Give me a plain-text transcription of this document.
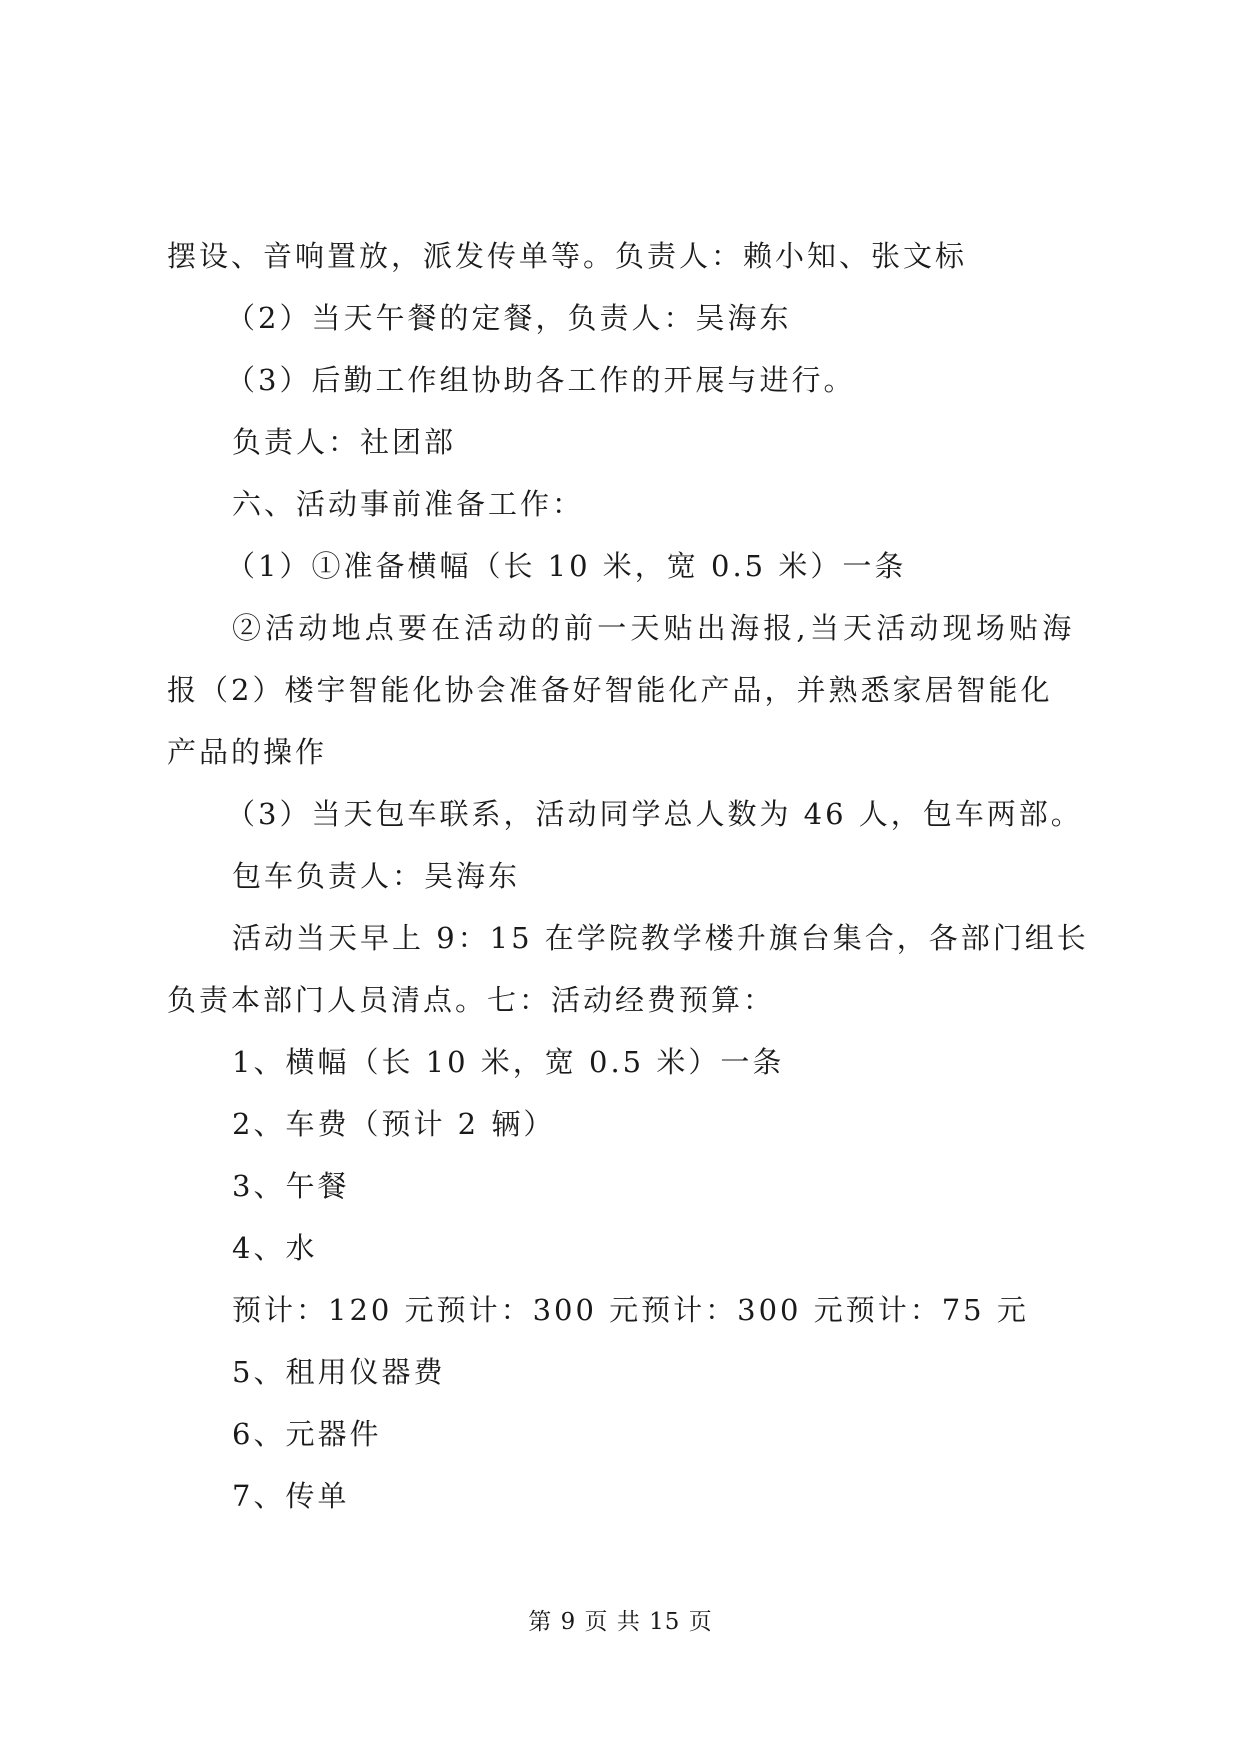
摆设、音响置放，派发传单等。负责人：赖小知、张文标
（2）当天午餐的定餐，负责人：吴海东
（3）后勤工作组协助各工作的开展与进行。
负责人：社团部
六、活动事前准备工作：
（1）①准备横幅（长 10 米，宽 0.5 米）一条
②活动地点要在活动的前一天贴出海报,当天活动现场贴海
报（2）楼宇智能化协会准备好智能化产品，并熟悉家居智能化
产品的操作
（3）当天包车联系，活动同学总人数为 46 人，包车两部。
包车负责人：吴海东
活动当天早上 9：15 在学院教学楼升旗台集合，各部门组长
负责本部门人员清点。七：活动经费预算：
1、横幅（长 10 米，宽 0.5 米）一条
2、车费（预计 2 辆）
3、午餐
4、水
预计：120 元预计：300 元预计：300 元预计：75 元
5、租用仪器费
6、元器件
7、传单
第 9 页 共 15 页
